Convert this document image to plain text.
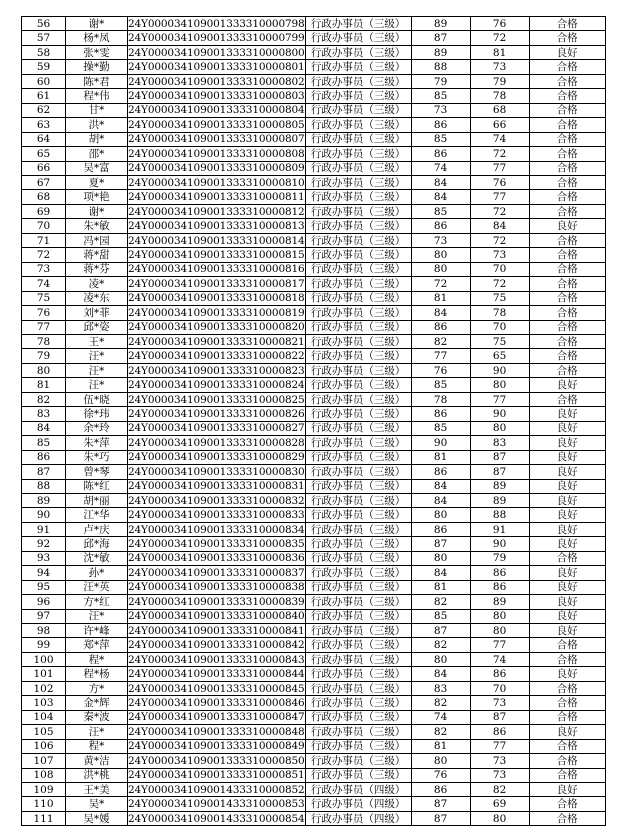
56	谢*	24Y000034109001333310000798	行政办事员（三级）	89	76	合格
57	杨*凤	24Y000034109001333310000799	行政办事员（三级）	87	72	合格
58	张*雯	24Y000034109001333310000800	行政办事员（三级）	89	81	良好
59	操*勤	24Y000034109001333310000801	行政办事员（三级）	88	73	合格
60	陈*君	24Y000034109001333310000802	行政办事员（三级）	79	79	合格
61	程*伟	24Y000034109001333310000803	行政办事员（三级）	85	78	合格
62	甘*	24Y000034109001333310000804	行政办事员（三级）	73	68	合格
63	洪*	24Y000034109001333310000805	行政办事员（三级）	86	66	合格
64	胡*	24Y000034109001333310000807	行政办事员（三级）	85	74	合格
65	邵*	24Y000034109001333310000808	行政办事员（三级）	86	72	合格
66	吴*富	24Y000034109001333310000809	行政办事员（三级）	74	77	合格
67	夏*	24Y000034109001333310000810	行政办事员（三级）	84	76	合格
68	项*艳	24Y000034109001333310000811	行政办事员（三级）	84	77	合格
69	谢*	24Y000034109001333310000812	行政办事员（三级）	85	72	合格
70	朱*敏	24Y000034109001333310000813	行政办事员（三级）	86	84	良好
71	冯*园	24Y000034109001333310000814	行政办事员（三级）	73	72	合格
72	蒋*甜	24Y000034109001333310000815	行政办事员（三级）	80	73	合格
73	蒋*芬	24Y000034109001333310000816	行政办事员（三级）	80	70	合格
74	凌*	24Y000034109001333310000817	行政办事员（三级）	72	72	合格
75	凌*东	24Y000034109001333310000818	行政办事员（三级）	81	75	合格
76	刘*菲	24Y000034109001333310000819	行政办事员（三级）	84	78	合格
77	邱*姿	24Y000034109001333310000820	行政办事员（三级）	86	70	合格
78	王*	24Y000034109001333310000821	行政办事员（三级）	82	75	合格
79	汪*	24Y000034109001333310000822	行政办事员（三级）	77	65	合格
80	汪*	24Y000034109001333310000823	行政办事员（三级）	76	90	合格
81	汪*	24Y000034109001333310000824	行政办事员（三级）	85	80	良好
82	伍*晓	24Y000034109001333310000825	行政办事员（三级）	78	77	合格
83	徐*玮	24Y000034109001333310000826	行政办事员（三级）	86	90	良好
84	余*玲	24Y000034109001333310000827	行政办事员（三级）	85	80	良好
85	朱*萍	24Y000034109001333310000828	行政办事员（三级）	90	83	良好
86	朱*巧	24Y000034109001333310000829	行政办事员（三级）	81	87	良好
87	曾*琴	24Y000034109001333310000830	行政办事员（三级）	86	87	良好
88	陈*红	24Y000034109001333310000831	行政办事员（三级）	84	89	良好
89	胡*丽	24Y000034109001333310000832	行政办事员（三级）	84	89	良好
90	江*华	24Y000034109001333310000833	行政办事员（三级）	80	88	良好
91	卢*庆	24Y000034109001333310000834	行政办事员（三级）	86	91	良好
92	邱*海	24Y000034109001333310000835	行政办事员（三级）	87	90	良好
93	沈*敏	24Y000034109001333310000836	行政办事员（三级）	80	79	合格
94	孙*	24Y000034109001333310000837	行政办事员（三级）	84	86	良好
95	汪*英	24Y000034109001333310000838	行政办事员（三级）	81	86	良好
96	方*红	24Y000034109001333310000839	行政办事员（三级）	82	89	良好
97	汪*	24Y000034109001333310000840	行政办事员（三级）	85	80	良好
98	许*峰	24Y000034109001333310000841	行政办事员（三级）	87	80	良好
99	郑*萍	24Y000034109001333310000842	行政办事员（三级）	82	77	合格
100	程*	24Y000034109001333310000843	行政办事员（三级）	80	74	合格
101	程*杨	24Y000034109001333310000844	行政办事员（三级）	84	86	良好
102	方*	24Y000034109001333310000845	行政办事员（三级）	83	70	合格
103	金*辉	24Y000034109001333310000846	行政办事员（三级）	82	73	合格
104	秦*波	24Y000034109001333310000847	行政办事员（三级）	74	87	合格
105	汪*	24Y000034109001333310000848	行政办事员（三级）	82	86	良好
106	程*	24Y000034109001333310000849	行政办事员（三级）	81	77	合格
107	黄*洁	24Y000034109001333310000850	行政办事员（三级）	80	73	合格
108	洪*桃	24Y000034109001333310000851	行政办事员（三级）	76	73	合格
109	王*美	24Y000034109001433310000852	行政办事员（四级）	86	82	良好
110	吴*	24Y000034109001433310000853	行政办事员（四级）	87	69	合格
111	吴*媛	24Y000034109001433310000854	行政办事员（四级）	87	80	合格
